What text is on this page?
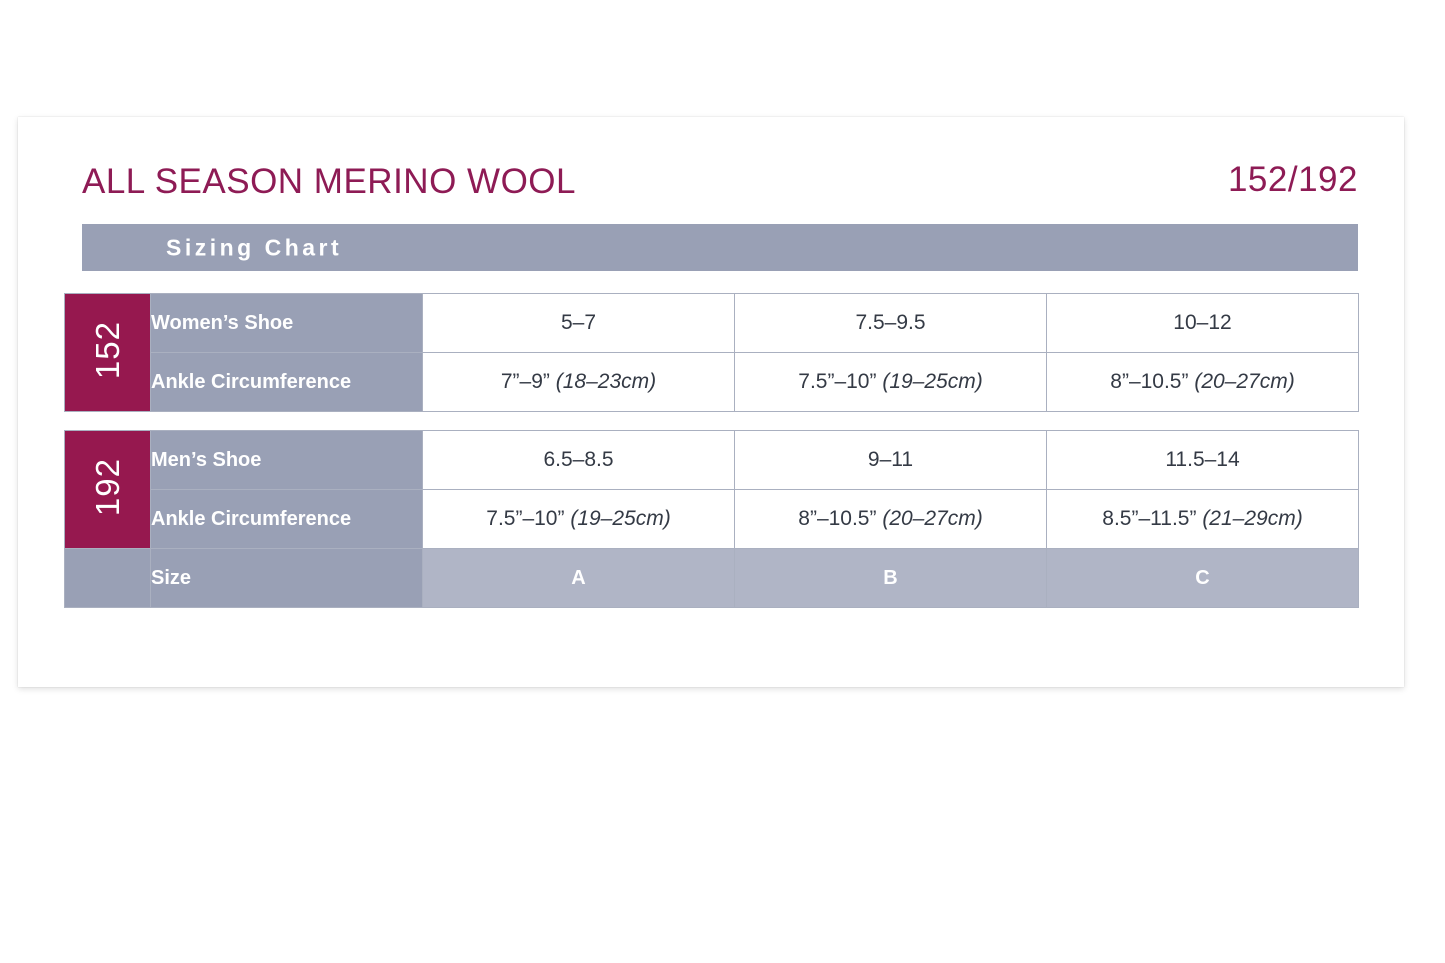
ALL SEASON MERINO WOOL	152/192
Sizing Chart
152	Women’s Shoe	5–7	7.5–9.5	10–12
	Ankle Circumference	7”–9” (18–23cm)	7.5”–10” (19–25cm)	8”–10.5” (20–27cm)
192	Men’s Shoe	6.5–8.5	9–11	11.5–14
	Ankle Circumference	7.5”–10” (19–25cm)	8”–10.5” (20–27cm)	8.5”–11.5” (21–29cm)
	Size	A	B	C
